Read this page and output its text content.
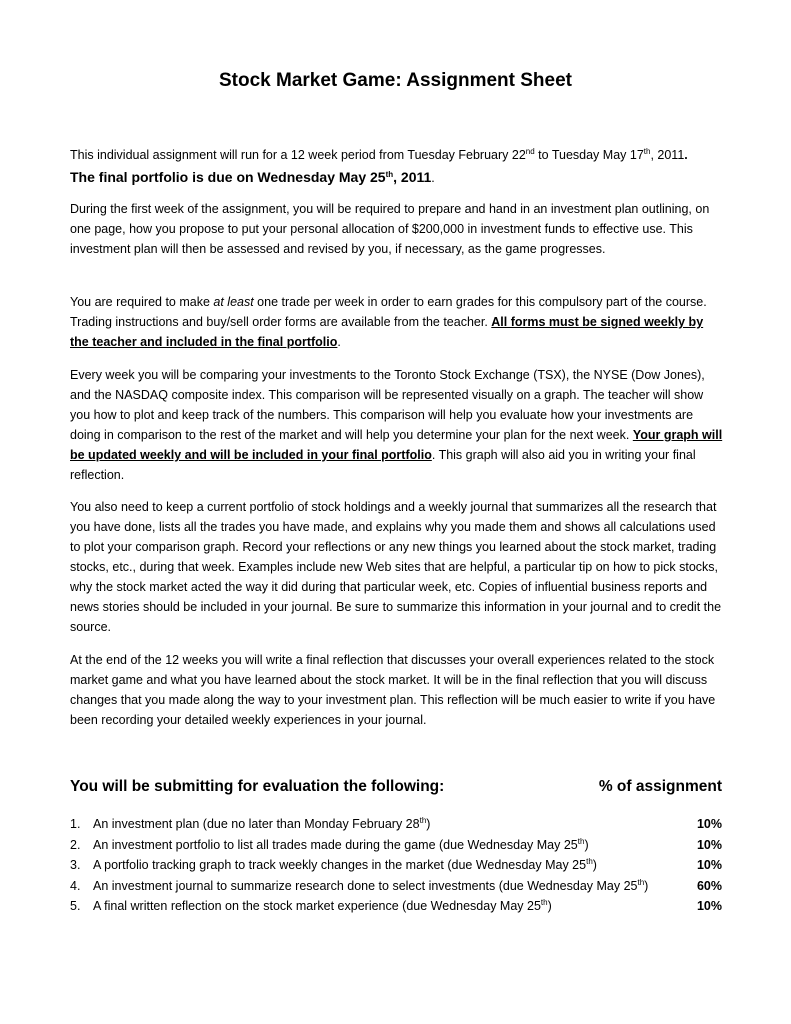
Stock Market Game: Assignment Sheet

This individual assignment will run for a 12 week period from Tuesday February 22nd to Tuesday May 17th, 2011.
The final portfolio is due on Wednesday May 25th, 2011.

During the first week of the assignment, you will be required to prepare and hand in an investment plan outlining, on one page, how you propose to put your personal allocation of $200,000 in investment funds to effective use. This investment plan will then be assessed and revised by you, if necessary, as the game progresses.

You are required to make at least one trade per week in order to earn grades for this compulsory part of the course. Trading instructions and buy/sell order forms are available from the teacher. All forms must be signed weekly by the teacher and included in the final portfolio.

Every week you will be comparing your investments to the Toronto Stock Exchange (TSX), the NYSE (Dow Jones), and the NASDAQ composite index. This comparison will be represented visually on a graph. The teacher will show you how to plot and keep track of the numbers. This comparison will help you evaluate how your investments are doing in comparison to the rest of the market and will help you determine your plan for the next week. Your graph will be updated weekly and will be included in your final portfolio. This graph will also aid you in writing your final reflection.

You also need to keep a current portfolio of stock holdings and a weekly journal that summarizes all the research that you have done, lists all the trades you have made, and explains why you made them and shows all calculations used to plot your comparison graph. Record your reflections or any new things you learned about the stock market, trading stocks, etc., during that week. Examples include new Web sites that are helpful, a particular tip on how to pick stocks, why the stock market acted the way it did during that particular week, etc. Copies of influential business reports and news stories should be included in your journal. Be sure to summarize this information in your journal and to credit the source.

At the end of the 12 weeks you will write a final reflection that discusses your overall experiences related to the stock market game and what you have learned about the stock market. It will be in the final reflection that you will discuss changes that you made along the way to your investment plan. This reflection will be much easier to write if you have been recording your detailed weekly experiences in your journal.

You will be submitting for evaluation the following:	% of assignment
1.	An investment plan (due no later than Monday February 28th)	10%
2.	An investment portfolio to list all trades made during the game (due Wednesday May 25th)	10%
3.	A portfolio tracking graph to track weekly changes in the market (due Wednesday May 25th)	10%
4.	An investment journal to summarize research done to select investments (due Wednesday May 25th)	60%
5.	A final written reflection on the stock market experience (due Wednesday May 25th)	10%
